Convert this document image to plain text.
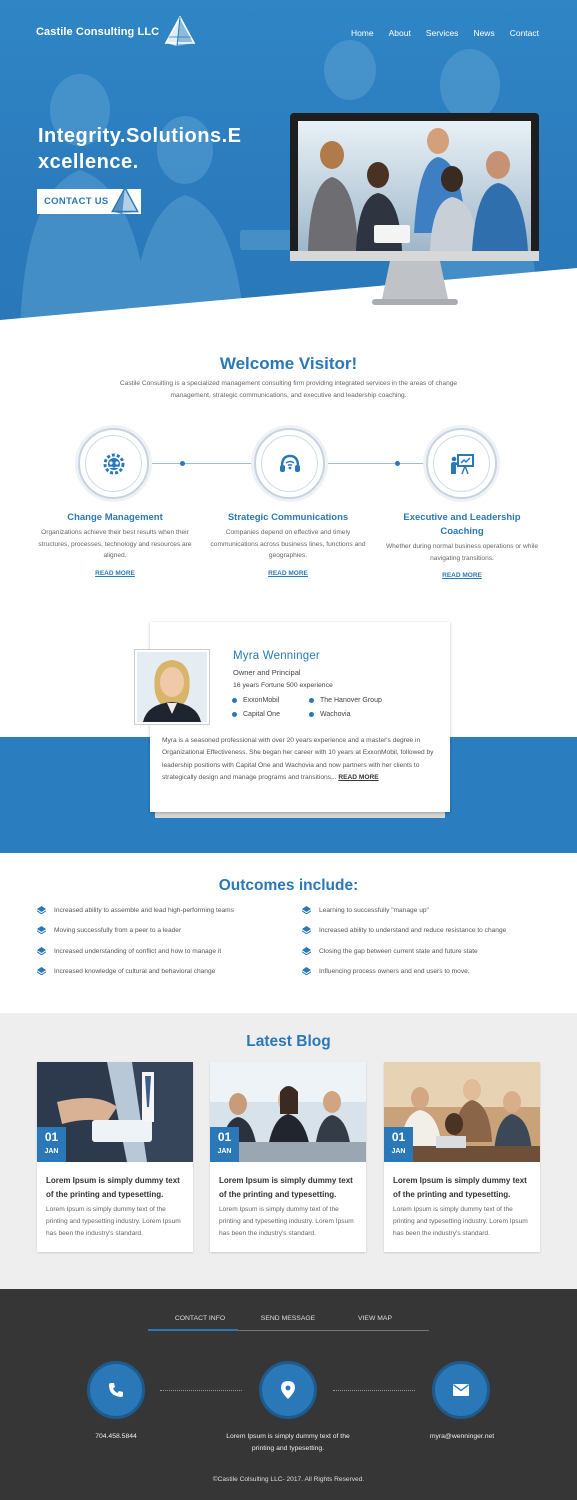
Castile Consulting LLC	Home About Services News Contact
Integrity.Solutions.Excellence.
CONTACT US
Welcome Visitor!

Castile Consulting is a specialized management consulting firm providing integrated services in the areas of change management, strategic communications, and executive and leadership coaching.

Change Management

Organizations achieve their best results when their structures, processes, technology and resources are aligned.

READ MORE
Strategic Communications

Companies depend on effective and timely communications across business lines, functions and geographies.

READ MORE
Executive and Leadership Coaching

Whether during normal business operations or while navigating transitions.

READ MORE
Myra Wenninger
Owner and Principal
16 years Fortune 500 experience
ExxonMobil	The Hanover Group
Capital One	Wachovia
Myra is a seasoned professional with over 20 years experience and a master's degree in Organizational Effectiveness. She began her career with 10 years at ExxonMobil, followed by leadership positions with Capital One and Wachovia and now partners with her clients to strategically design and manage programs and transitions... READ MORE
Outcomes include:
Increased ability to assemble and lead high-performing teams
Moving successfully from a peer to a leader
Increased understanding of conflict and how to manage it
Increased knowledge of cultural and behavioral change
Learning to successfully "manage up"
Increased ability to understand and reduce resistance to change
Closing the gap between current state and future state
Influencing process owners and end users to move.
Latest Blog
01
JAN
Lorem Ipsum is simply dummy text of the printing and typesetting.
Lorem Ipsum is simply dummy text of the printing and typesetting industry. Lorem Ipsum has been the industry's standard.
01
JAN
Lorem Ipsum is simply dummy text of the printing and typesetting.
Lorem Ipsum is simply dummy text of the printing and typesetting industry. Lorem Ipsum has been the industry's standard.
01
JAN
Lorem Ipsum is simply dummy text of the printing and typesetting.
Lorem Ipsum is simply dummy text of the printing and typesetting industry. Lorem Ipsum has been the industry's standard.
CONTACT INFO	SEND MESSAGE	VIEW MAP
704.458.5844	Lorem Ipsum is simply dummy text of the printing and typesetting.
myra@wenninger.net
©Castile Colsulting LLC- 2017. All Rights Reserved.
